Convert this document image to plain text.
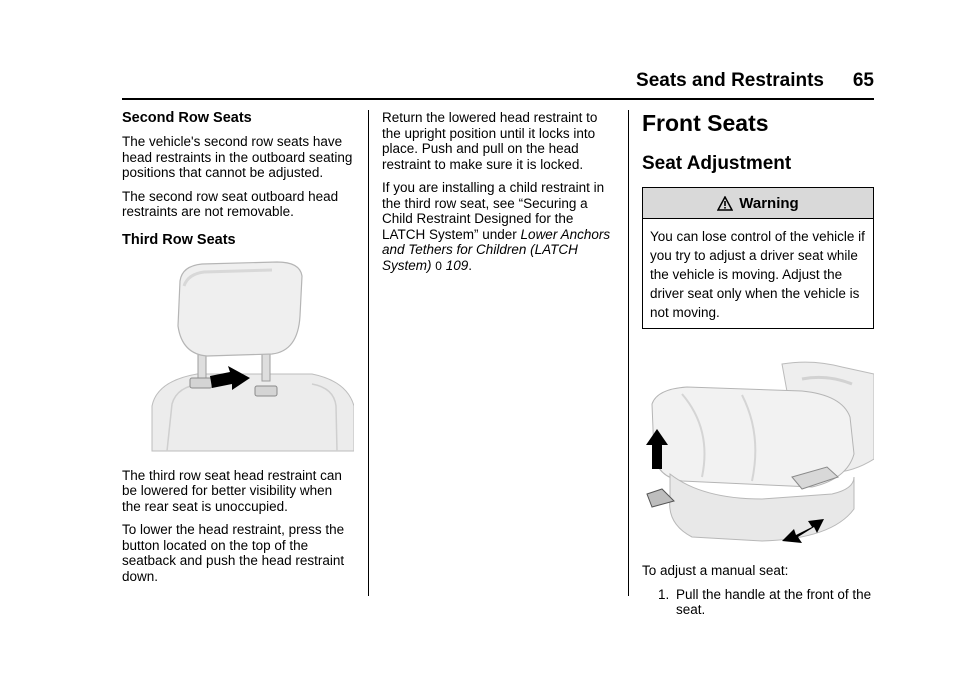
Seats and Restraints 65
Second Row Seats

The vehicle's second row seats have head restraints in the outboard seating positions that cannot be adjusted.

The second row seat outboard head restraints are not removable.

Third Row Seats

The third row seat head restraint can be lowered for better visibility when the rear seat is unoccupied.

To lower the head restraint, press the button located on the top of the seatback and push the head restraint down.

Return the lowered head restraint to the upright position until it locks into place. Push and pull on the head restraint to make sure it is locked.

If you are installing a child restraint in the third row seat, see “Securing a Child Restraint Designed for the LATCH System” under Lower Anchors and Tethers for Children (LATCH System) 0 109.

Front Seats
Seat Adjustment
Warning
You can lose control of the vehicle if you try to adjust a driver seat while the vehicle is moving. Adjust the driver seat only when the vehicle is not moving.

To adjust a manual seat:

1. Pull the handle at the front of the seat.
